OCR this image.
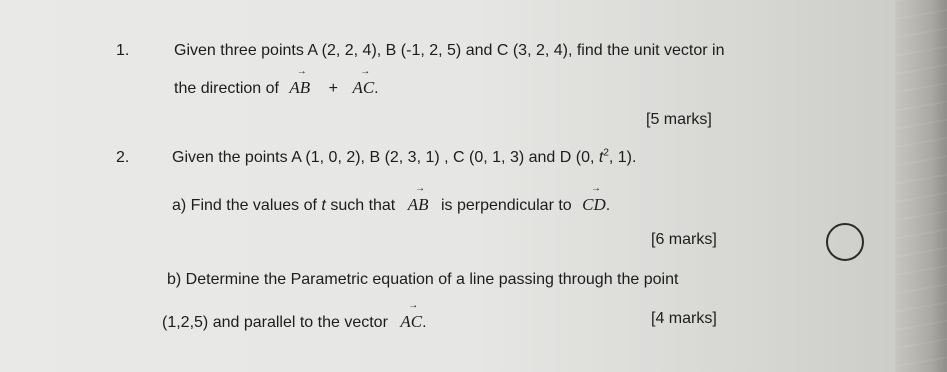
1.	Given three points A (2, 2, 4), B (-1, 2, 5) and C (3, 2, 4), find the unit vector in
the direction of → AB + → AC.
[5 marks]
2.	Given the points A (1, 0, 2), B (2, 3, 1) , C (0, 1, 3) and D (0, $t^2$, 1).
a) Find the values of t such that → AB is perpendicular to → CD.
[6 marks]
b) Determine the Parametric equation of a line passing through the point
(1,2,5) and parallel to the vector → AC.	[4 marks]
